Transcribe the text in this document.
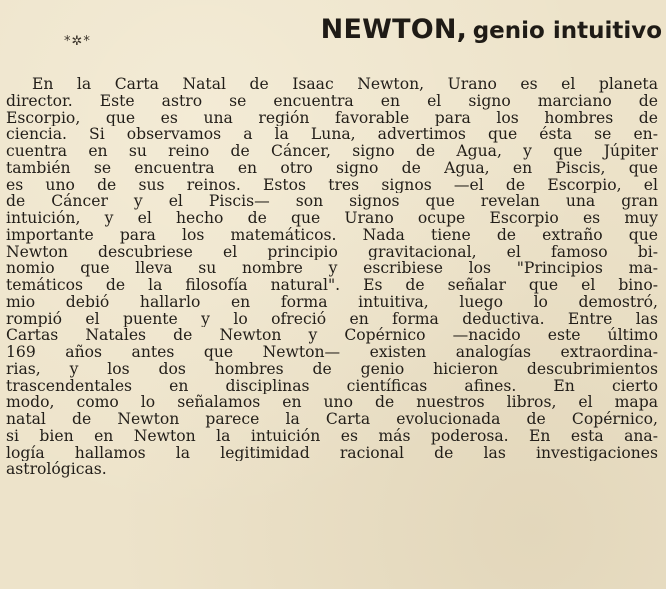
*✲*	NEWTON, genio intuitivo
En la Carta Natal de Isaac Newton, Urano es el planeta
director. Este astro se encuentra en el signo marciano de
Escorpio, que es una región favorable para los hombres de
ciencia. Si observamos a la Luna, advertimos que ésta se en-
cuentra en su reino de Cáncer, signo de Agua, y que Júpiter
también se encuentra en otro signo de Agua, en Piscis, que
es uno de sus reinos. Estos tres signos —el de Escorpio, el
de Cáncer y el Piscis— son signos que revelan una gran
intuición, y el hecho de que Urano ocupe Escorpio es muy
importante para los matemáticos. Nada tiene de extraño que
Newton descubriese el principio gravitacional, el famoso bi-
nomio que lleva su nombre y escribiese los "Principios ma-
temáticos de la filosofía natural". Es de señalar que el bino-
mio debió hallarlo en forma intuitiva, luego lo demostró,
rompió el puente y lo ofreció en forma deductiva. Entre las
Cartas Natales de Newton y Copérnico —nacido este último
169 años antes que Newton— existen analogías extraordina-
rias, y los dos hombres de genio hicieron descubrimientos
trascendentales en disciplinas científicas afines. En cierto
modo, como lo señalamos en uno de nuestros libros, el mapa
natal de Newton parece la Carta evolucionada de Copérnico,
si bien en Newton la intuición es más poderosa. En esta ana-
logía hallamos la legitimidad racional de las investigaciones
astrológicas.
